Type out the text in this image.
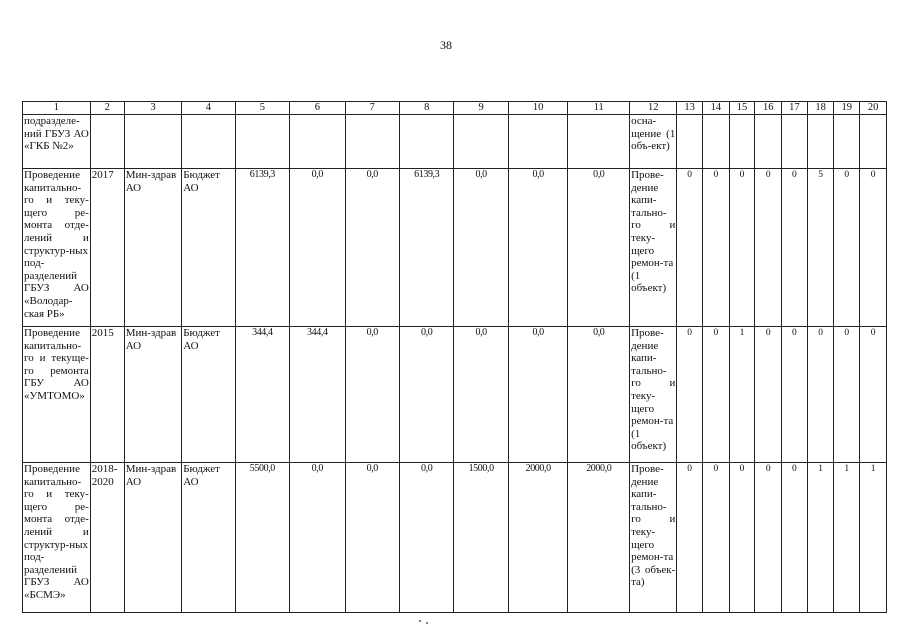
38
1	2	3	4	5	6	7	8	9	10	11	12	13	14	15	16	17	18	19	20
подразделе-ний ГБУЗ АО «ГКБ №2»											осна-щение (1 объ-ект)								
Проведение капитально-го и теку-щего ре-монта отде-лений и структур-ных под-разделений ГБУЗ АО «Володар-ская РБ»	2017	Мин-здрав АО	Бюджет АО	6139,3	0,0	0,0	6139,3	0,0	0,0	0,0	Прове-дение капи-тально-го и теку-щего ремон-та (1 объект)	0	0	0	0	0	5	0	0
Проведение капитально-го и текуще-го ремонта ГБУ АО «УМТОМО»	2015	Мин-здрав АО	Бюджет АО	344,4	344,4	0,0	0,0	0,0	0,0	0,0	Прове-дение капи-тально-го и теку-щего ремон-та (1 объект)	0	0	1	0	0	0	0	0
Проведение капитально-го и теку-щего ре-монта отде-лений и структур-ных под-разделений ГБУЗ АО «БСМЭ»	2018-2020	Мин-здрав АО	Бюджет АО	5500,0	0,0	0,0	0,0	1500,0	2000,0	2000,0	Прове-дение капи-тально-го и теку-щего ремон-та (3 объек-та)	0	0	0	0	0	1	1	1
